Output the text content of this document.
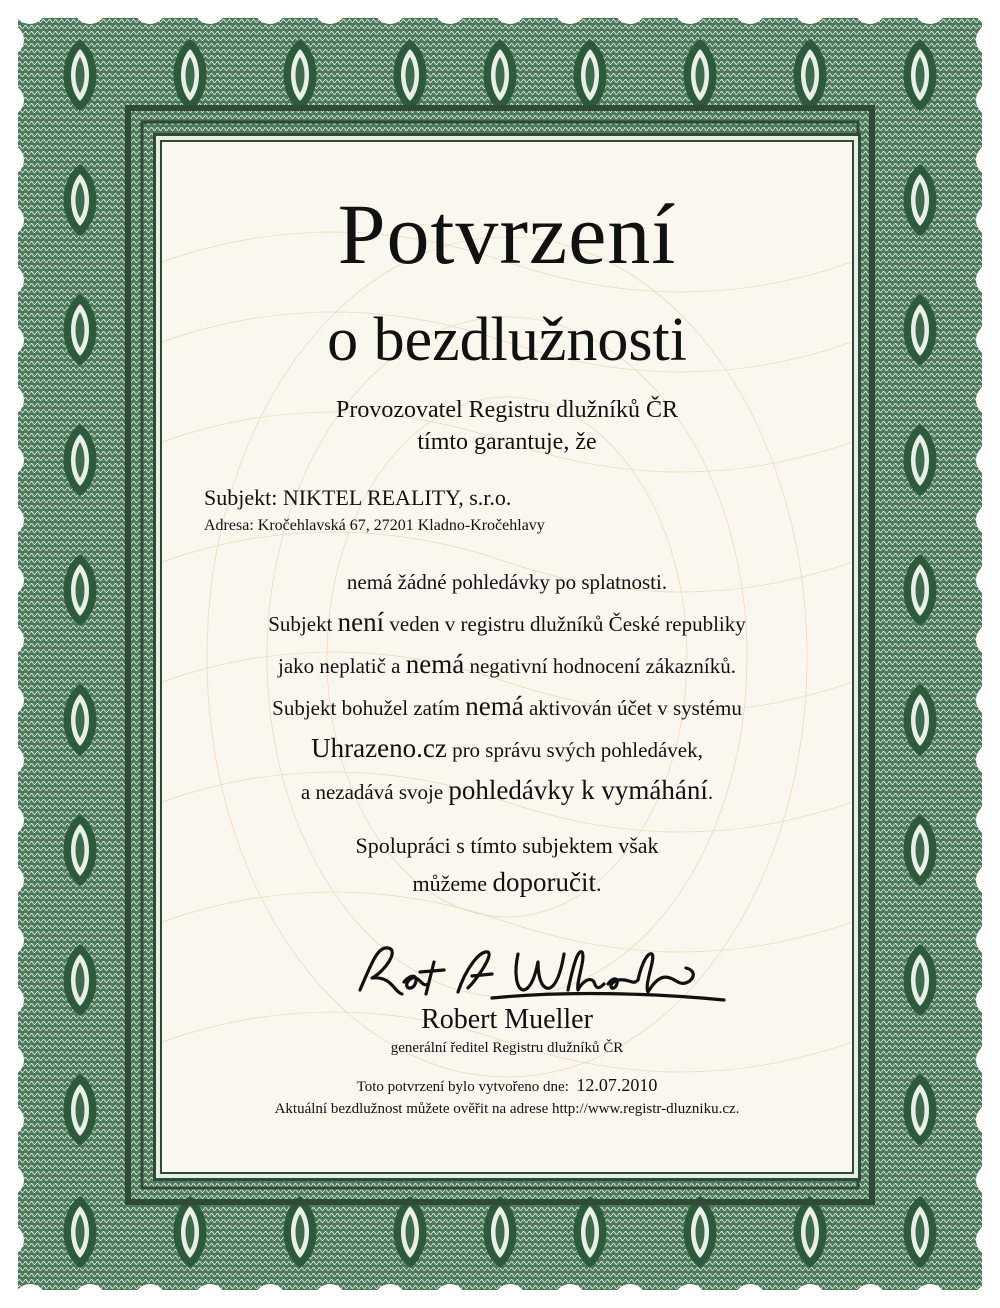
Potvrzení
o bezdlužnosti
Provozovatel Registru dlužníků ČR
tímto garantuje, že
Subjekt: NIKTEL REALITY, s.r.o.
Adresa: Kročehlavská 67, 27201 Kladno-Kročehlavy
nemá žádné pohledávky po splatnosti.
Subjekt není veden v registru dlužníků České republiky
jako neplatič a nemá negativní hodnocení zákazníků.
Subjekt bohužel zatím nemá aktivován účet v systému
Uhrazeno.cz pro správu svých pohledávek,
a nezadává svoje pohledávky k vymáhání.
Spolupráci s tímto subjektem však
můžeme doporučit.
Robert Mueller
generální ředitel Registru dlužníků ČR
Toto potvrzení bylo vytvořeno dne: 12.07.2010
Aktuální bezdlužnost můžete ověřit na adrese http://www.registr-dluzniku.cz.
